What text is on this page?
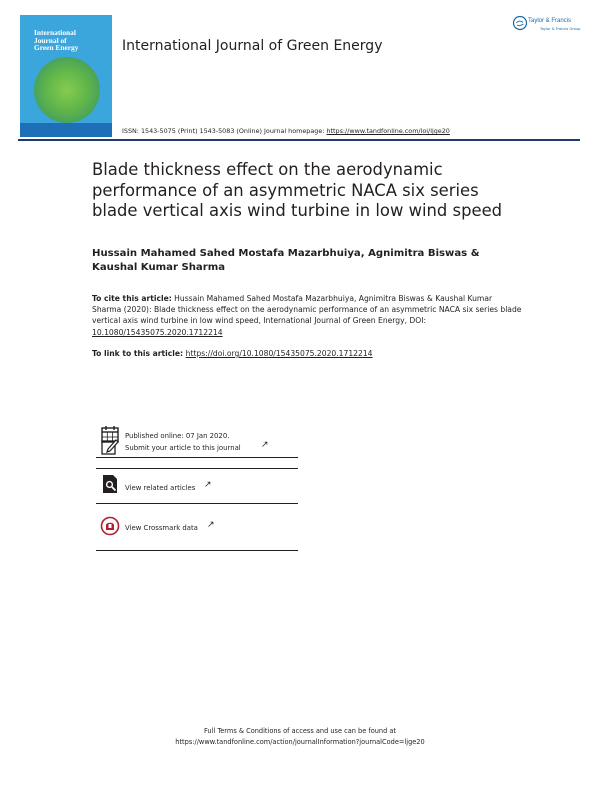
International
Journal of
Green Energy	International Journal of Green Energy
Taylor & Francis
Taylor & Francis Group
ISSN: 1543-5075 (Print) 1543-5083 (Online) Journal homepage: https://www.tandfonline.com/loi/ljge20
Blade thickness effect on the aerodynamic
performance of an asymmetric NACA six series
blade vertical axis wind turbine in low wind speed
Hussain Mahamed Sahed Mostafa Mazarbhuiya, Agnimitra Biswas &
Kaushal Kumar Sharma
To cite this article: Hussain Mahamed Sahed Mostafa Mazarbhuiya, Agnimitra Biswas & Kaushal Kumar Sharma (2020): Blade thickness effect on the aerodynamic performance of an asymmetric NACA six series blade vertical axis wind turbine in low wind speed, International Journal of Green Energy, DOI: 10.1080/15435075.2020.1712214
To link to this article: https://doi.org/10.1080/15435075.2020.1712214
Published online: 07 Jan 2020.
Submit your article to this journal ↗
View related articles ↗
View Crossmark data ↗
Full Terms & Conditions of access and use can be found at
https://www.tandfonline.com/action/journalInformation?journalCode=ljge20
